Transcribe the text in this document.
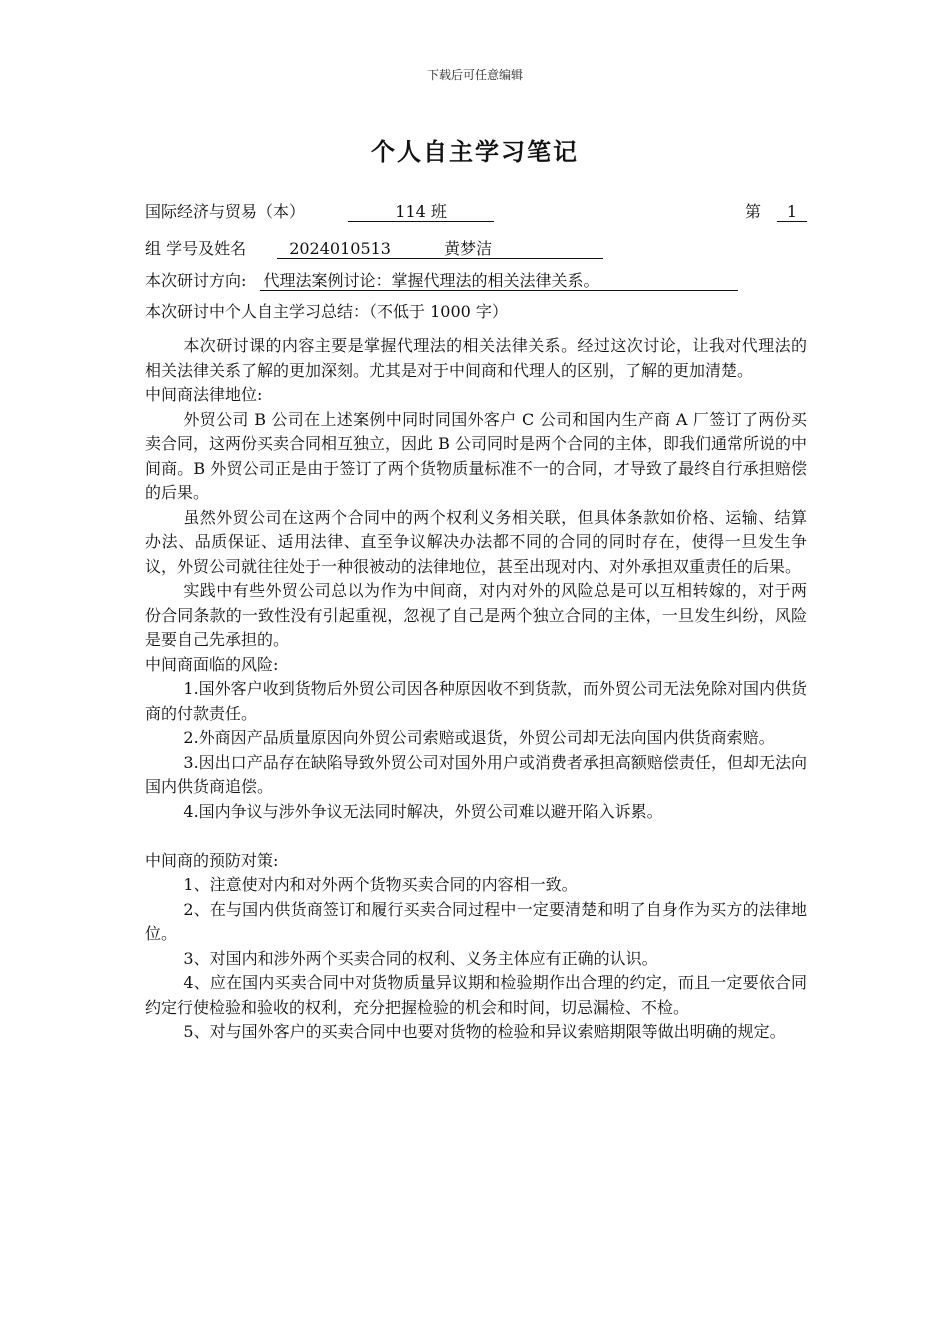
下载后可任意编辑
个人自主学习笔记
国际经济与贸易（本）	114 班	第	1
组 学号及姓名	2024010513	黄梦洁
本次研讨方向: 代理法案例讨论：掌握代理法的相关法律关系。
本次研讨中个人自主学习总结：（不低于 1000 字）

本次研讨课的内容主要是掌握代理法的相关法律关系。经过这次讨论，让我对代理法的相关法律关系了解的更加深刻。尤其是对于中间商和代理人的区别，了解的更加清楚。

中间商法律地位:

外贸公司 B 公司在上述案例中同时同国外客户 C 公司和国内生产商 A 厂签订了两份买卖合同，这两份买卖合同相互独立，因此 B 公司同时是两个合同的主体，即我们通常所说的中间商。B 外贸公司正是由于签订了两个货物质量标准不一的合同，才导致了最终自行承担赔偿的后果。

虽然外贸公司在这两个合同中的两个权利义务相关联，但具体条款如价格、运输、结算办法、品质保证、适用法律、直至争议解决办法都不同的合同的同时存在，使得一旦发生争议，外贸公司就往往处于一种很被动的法律地位，甚至出现对内、对外承担双重责任的后果。

实践中有些外贸公司总以为作为中间商，对内对外的风险总是可以互相转嫁的，对于两份合同条款的一致性没有引起重视，忽视了自己是两个独立合同的主体，一旦发生纠纷，风险是要自己先承担的。

中间商面临的风险:

1.国外客户收到货物后外贸公司因各种原因收不到货款，而外贸公司无法免除对国内供货商的付款责任。

2.外商因产品质量原因向外贸公司索赔或退货，外贸公司却无法向国内供货商索赔。

3.因出口产品存在缺陷导致外贸公司对国外用户或消费者承担高额赔偿责任，但却无法向国内供货商追偿。

4.国内争议与涉外争议无法同时解决，外贸公司难以避开陷入诉累。

中间商的预防对策:

1、注意使对内和对外两个货物买卖合同的内容相一致。

2、在与国内供货商签订和履行买卖合同过程中一定要清楚和明了自身作为买方的法律地位。

3、对国内和涉外两个买卖合同的权利、义务主体应有正确的认识。

4、应在国内买卖合同中对货物质量异议期和检验期作出合理的约定，而且一定要依合同约定行使检验和验收的权利，充分把握检验的机会和时间，切忌漏检、不检。

5、对与国外客户的买卖合同中也要对货物的检验和异议索赔期限等做出明确的规定。
